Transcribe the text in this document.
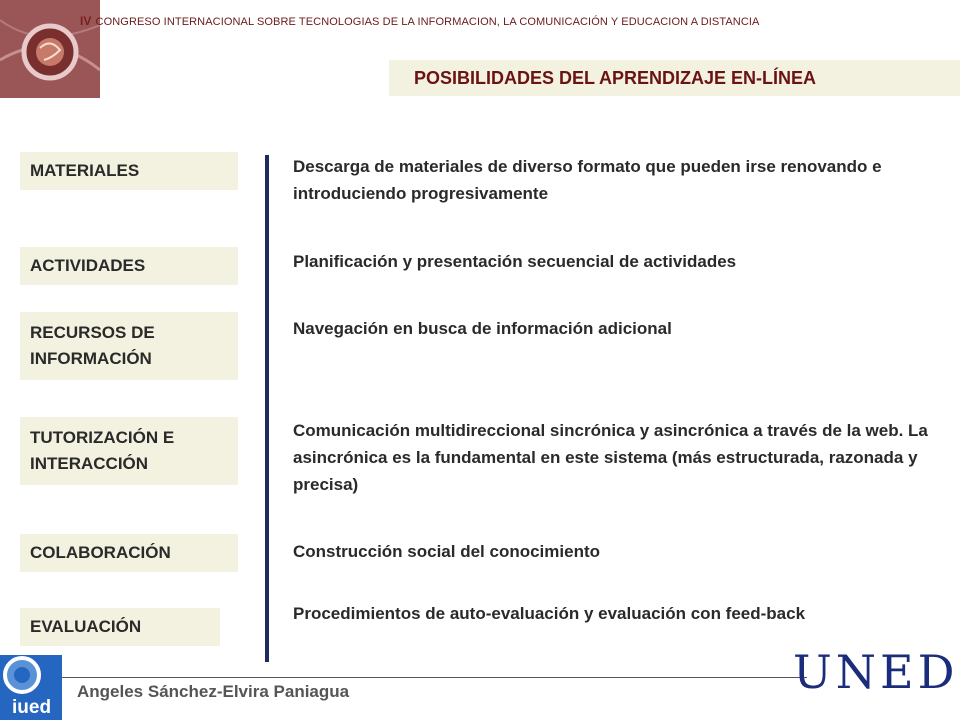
IV CONGRESO INTERNACIONAL SOBRE TECNOLOGIAS DE LA INFORMACION, LA COMUNICACIÓN Y EDUCACION A DISTANCIA
POSIBILIDADES DEL APRENDIZAJE EN-LÍNEA
MATERIALES
ACTIVIDADES
RECURSOS DE INFORMACIÓN
TUTORIZACIÓN E INTERACCIÓN
COLABORACIÓN
EVALUACIÓN
Descarga de materiales de diverso formato que pueden irse renovando e introduciendo progresivamente
Planificación y presentación secuencial de actividades
Navegación en busca de información adicional
Comunicación multidireccional sincrónica y asincrónica a través de la web. La asincrónica es la fundamental en este sistema (más estructurada, razonada y precisa)
Construcción social del conocimiento
Procedimientos de auto-evaluación y evaluación con feed-back
iued
Angeles Sánchez-Elvira Paniagua	UNED
